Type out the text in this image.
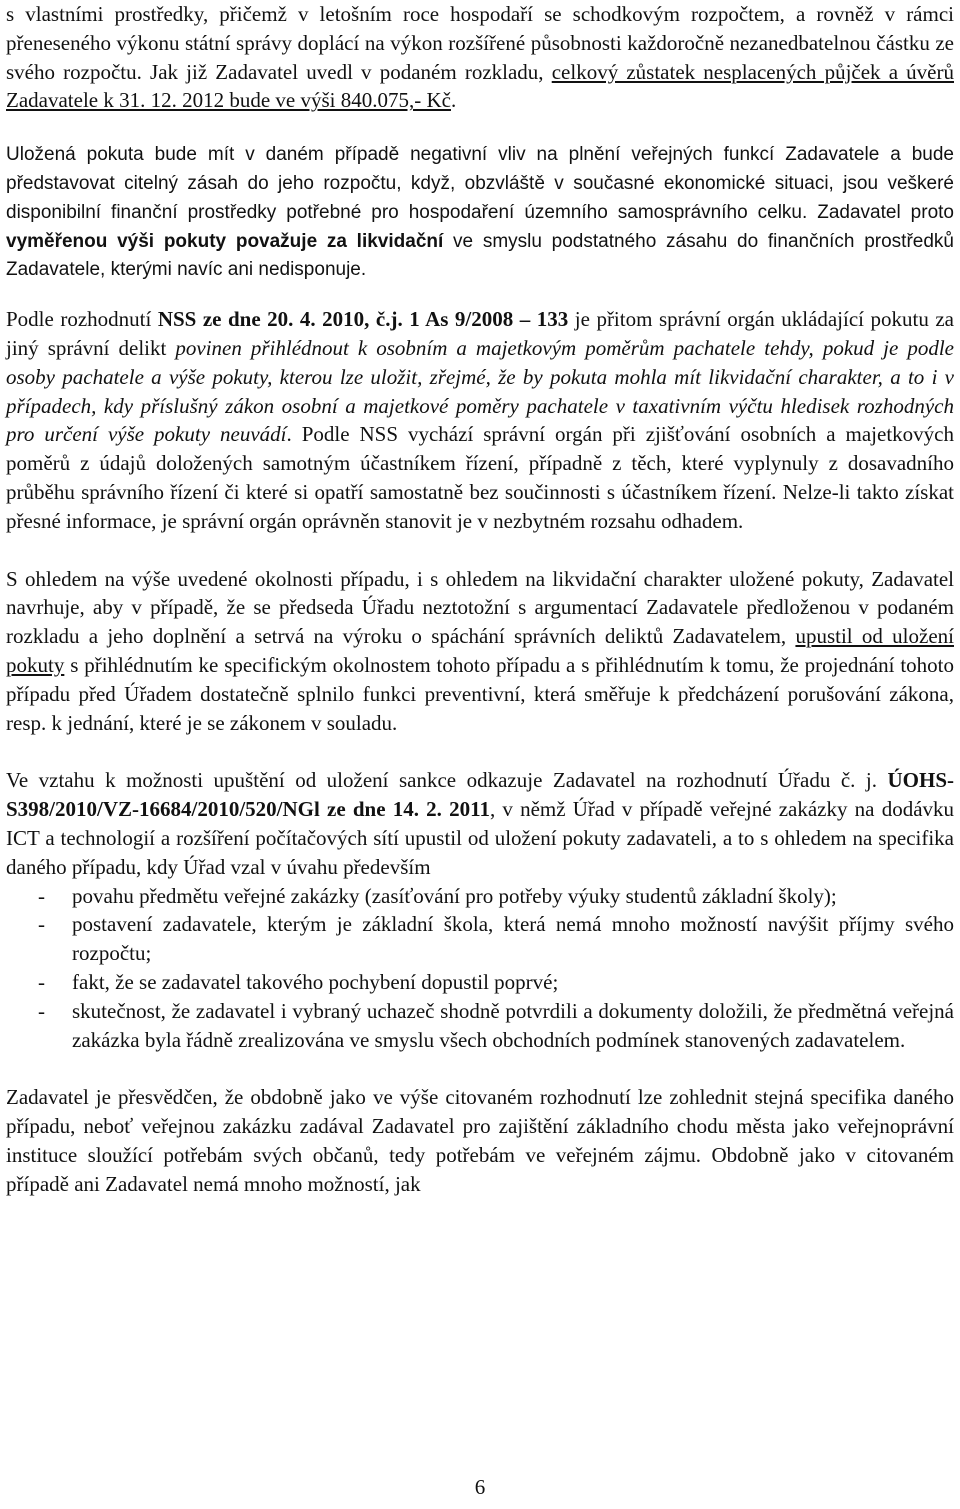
s vlastními prostředky, přičemž v letošním roce hospodaří se schodkovým rozpočtem, a rovněž v rámci přeneseného výkonu státní správy doplácí na výkon rozšířené působnosti každoročně nezanedbatelnou částku ze svého rozpočtu. Jak již Zadavatel uvedl v podaném rozkladu, celkový zůstatek nesplacených půjček a úvěrů Zadavatele k 31. 12. 2012 bude ve výši 840.075,- Kč.

Uložená pokuta bude mít v daném případě negativní vliv na plnění veřejných funkcí Zadavatele a bude představovat citelný zásah do jeho rozpočtu, když, obzvláště v současné ekonomické situaci, jsou veškeré disponibilní finanční prostředky potřebné pro hospodaření územního samosprávního celku. Zadavatel proto vyměřenou výši pokuty považuje za likvidační ve smyslu podstatného zásahu do finančních prostředků Zadavatele, kterými navíc ani nedisponuje.

Podle rozhodnutí NSS ze dne 20. 4. 2010, č.j. 1 As 9/2008 – 133 je přitom správní orgán ukládající pokutu za jiný správní delikt povinen přihlédnout k osobním a majetkovým poměrům pachatele tehdy, pokud je podle osoby pachatele a výše pokuty, kterou lze uložit, zřejmé, že by pokuta mohla mít likvidační charakter, a to i v případech, kdy příslušný zákon osobní a majetkové poměry pachatele v taxativním výčtu hledisek rozhodných pro určení výše pokuty neuvádí. Podle NSS vychází správní orgán při zjišťování osobních a majetkových poměrů z údajů doložených samotným účastníkem řízení, případně z těch, které vyplynuly z dosavadního průběhu správního řízení či které si opatří samostatně bez součinnosti s účastníkem řízení. Nelze-li takto získat přesné informace, je správní orgán oprávněn stanovit je v nezbytném rozsahu odhadem.

S ohledem na výše uvedené okolnosti případu, i s ohledem na likvidační charakter uložené pokuty, Zadavatel navrhuje, aby v případě, že se předseda Úřadu neztotožní s argumentací Zadavatele předloženou v podaném rozkladu a jeho doplnění a setrvá na výroku o spáchání správních deliktů Zadavatelem, upustil od uložení pokuty s přihlédnutím ke specifickým okolnostem tohoto případu a s přihlédnutím k tomu, že projednání tohoto případu před Úřadem dostatečně splnilo funkci preventivní, která směřuje k předcházení porušování zákona, resp. k jednání, které je se zákonem v souladu.

Ve vztahu k možnosti upuštění od uložení sankce odkazuje Zadavatel na rozhodnutí Úřadu č. j. ÚOHS-S398/2010/VZ-16684/2010/520/NGl ze dne 14. 2. 2011, v němž Úřad v případě veřejné zakázky na dodávku ICT a technologií a rozšíření počítačových sítí upustil od uložení pokuty zadavateli, a to s ohledem na specifika daného případu, kdy Úřad vzal v úvahu především

- povahu předmětu veřejné zakázky (zasíťování pro potřeby výuky studentů základní školy);
- postavení zadavatele, kterým je základní škola, která nemá mnoho možností navýšit příjmy svého rozpočtu;
- fakt, že se zadavatel takového pochybení dopustil poprvé;
- skutečnost, že zadavatel i vybraný uchazeč shodně potvrdili a dokumenty doložili, že předmětná veřejná zakázka byla řádně zrealizována ve smyslu všech obchodních podmínek stanovených zadavatelem.

Zadavatel je přesvědčen, že obdobně jako ve výše citovaném rozhodnutí lze zohlednit stejná specifika daného případu, neboť veřejnou zakázku zadával Zadavatel pro zajištění základního chodu města jako veřejnoprávní instituce sloužící potřebám svých občanů, tedy potřebám ve veřejném zájmu. Obdobně jako v citovaném případě ani Zadavatel nemá mnoho možností, jak

6
